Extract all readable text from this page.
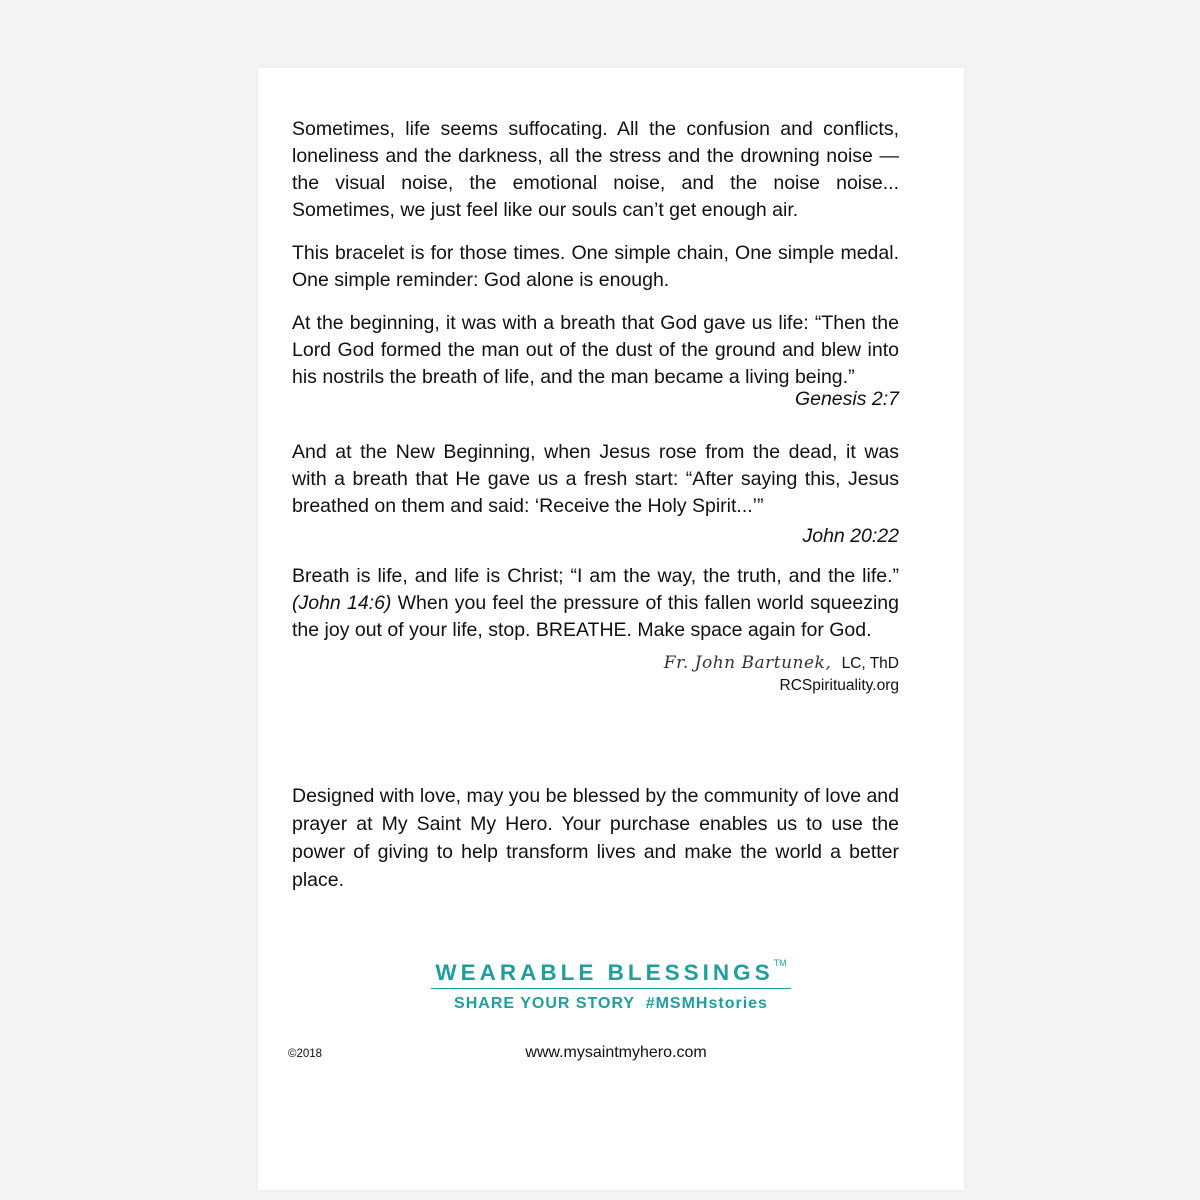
Sometimes, life seems suffocating. All the confusion and conflicts, loneliness and the darkness, all the stress and the drowning noise —the visual noise, the emotional noise, and the noise noise... Sometimes, we just feel like our souls can’t get enough air.

This bracelet is for those times. One simple chain, One simple medal. One simple reminder: God alone is enough.

At the beginning, it was with a breath that God gave us life: “Then the Lord God formed the man out of the dust of the ground and blew into his nostrils the breath of life, and the man became a living being.”

Genesis 2:7

And at the New Beginning, when Jesus rose from the dead, it was with a breath that He gave us a fresh start: “After saying this, Jesus breathed on them and said: ‘Receive the Holy Spirit...’”

John 20:22

Breath is life, and life is Christ; “I am the way, the truth, and the life.” (John 14:6) When you feel the pressure of this fallen world squeezing the joy out of your life, stop. BREATHE. Make space again for God.

Fr. John Bartunek, LC, ThD
RCSpirituality.org

Designed with love, may you be blessed by the community of love and prayer at My Saint My Hero. Your purchase enables us to use the power of giving to help transform lives and make the world a better place.

WEARABLE BLESSINGS™
SHARE YOUR STORY  #MSMHstories
©2018	www.mysaintmyhero.com
